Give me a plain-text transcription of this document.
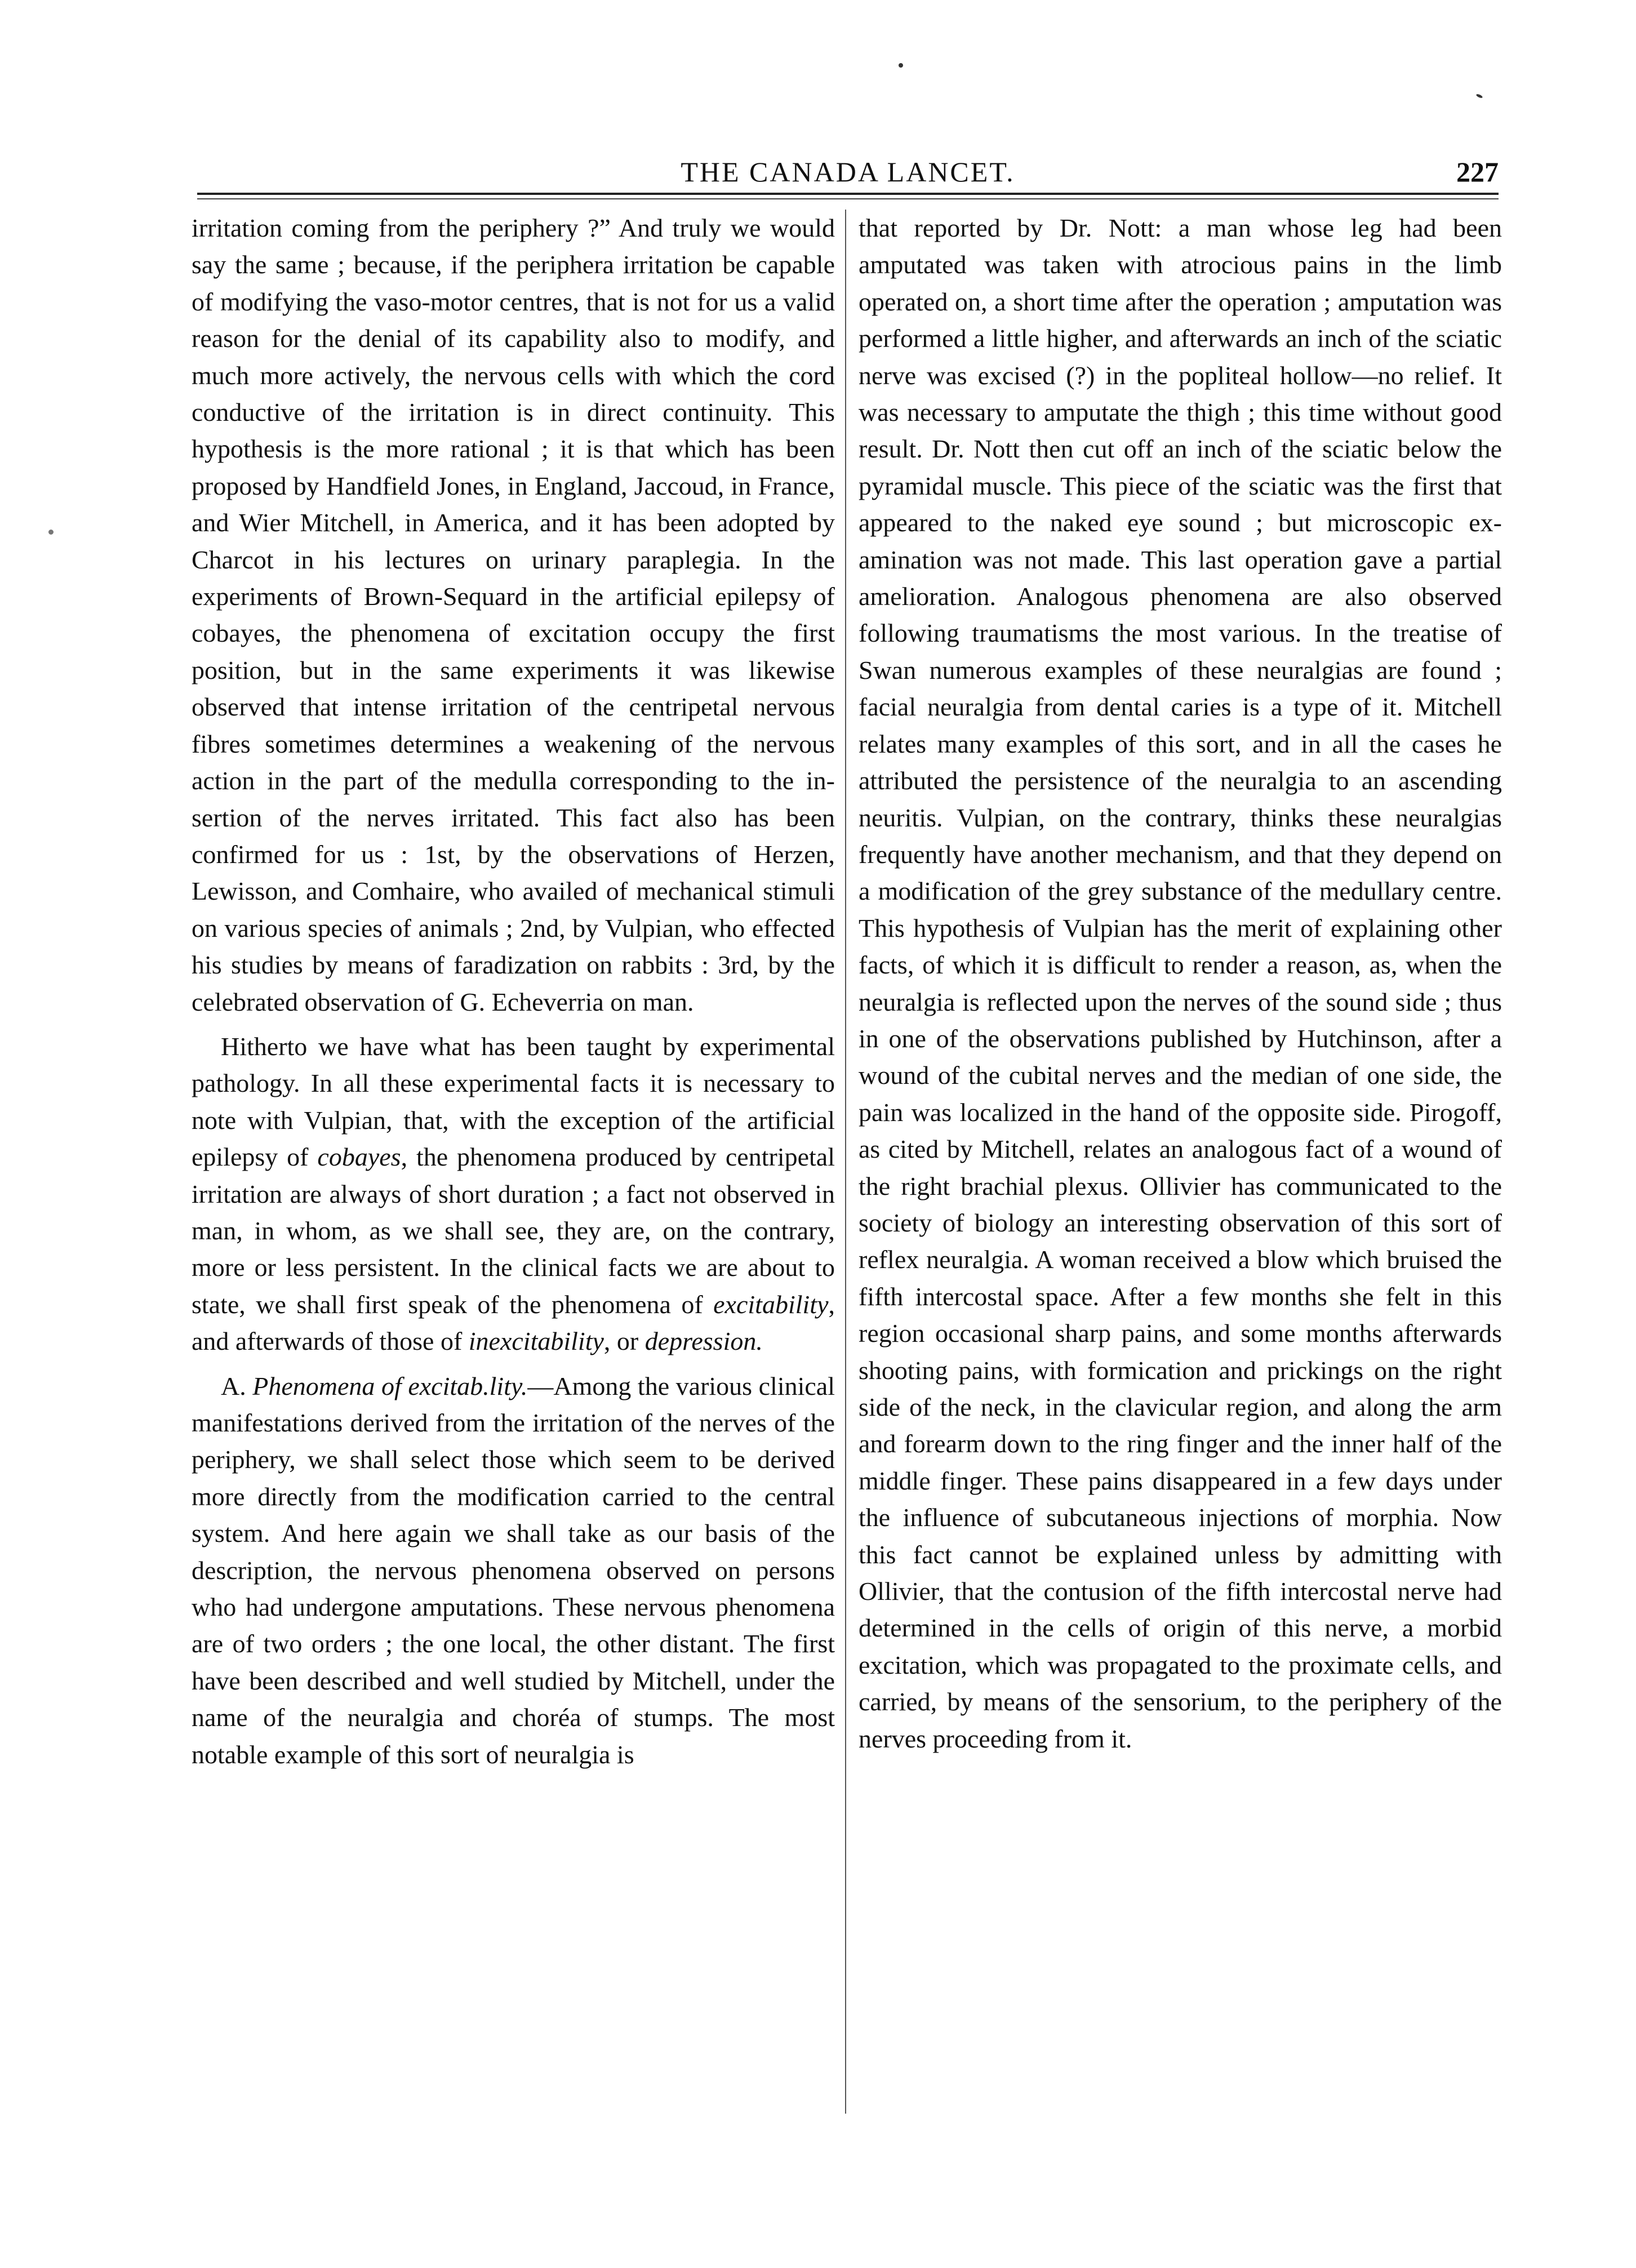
THE CANADA LANCET.	227

irritation coming from the periphery ?” And truly we would say the same ; because, if the periphera irritation be capable of modifying the vaso-motor centres, that is not for us a valid reason for the denial of its capability also to modify, and much more actively, the nervous cells with which the cord conductive of the irritation is in direct continuity. This hypothesis is the more rational ; it is that which has been proposed by Handfield Jones, in England, Jaccoud, in France, and Wier Mitchell, in America, and it has been adopted by Charcot in his lectures on urinary paraplegia. In the experiments of Brown-Sequard in the artificial epilepsy of cobayes, the phenomena of excitation occupy the first position, but in the same experiments it was likewise observed that intense irritation of the centripetal nervous fibres sometimes determines a weakening of the nervous action in the part of the medulla corresponding to the insertion of the nerves irritated. This fact also has been confirmed for us : 1st, by the observations of Herzen, Lewisson, and Comhaire, who availed of mechanical stimuli on various species of animals ; 2nd, by Vulpian, who effected his studies by means of faradization on rabbits : 3rd, by the celebrated observation of G. Echeverria on man.

Hitherto we have what has been taught by experimental pathology. In all these experimental facts it is necessary to note with Vulpian, that, with the exception of the artificial epilepsy of cobayes, the phenomena produced by centripetal irritation are always of short duration ; a fact not observed in man, in whom, as we shall see, they are, on the contrary, more or less persistent. In the clinical facts we are about to state, we shall first speak of the phenomena of excitability, and afterwards of those of inexcitability, or depression.

A. Phenomena of excitab.lity.—Among the various clinical manifestations derived from the irritation of the nerves of the periphery, we shall select those which seem to be derived more directly from the modification carried to the central system. And here again we shall take as our basis of the description, the nervous phenomena observed on persons who had undergone amputations. These nervous phenomena are of two orders ; the one local, the other distant. The first have been described and well studied by Mitchell, under the name of the neuralgia and choréa of stumps. The most notable example of this sort of neuralgia is

that reported by Dr. Nott: a man whose leg had been amputated was taken with atrocious pains in the limb operated on, a short time after the operation ; amputation was performed a little higher, and afterwards an inch of the sciatic nerve was excised (?) in the popliteal hollow—no relief. It was necessary to amputate the thigh ; this time without good result. Dr. Nott then cut off an inch of the sciatic below the pyramidal muscle. This piece of the sciatic was the first that appeared to the naked eye sound ; but microscopic examination was not made. This last operation gave a partial amelioration. Analogous phenomena are also observed following traumatisms the most various. In the treatise of Swan numerous examples of these neuralgias are found ; facial neuralgia from dental caries is a type of it. Mitchell relates many examples of this sort, and in all the cases he attributed the persistence of the neuralgia to an ascending neuritis. Vulpian, on the contrary, thinks these neuralgias frequently have another mechanism, and that they depend on a modification of the grey substance of the medullary centre. This hypothesis of Vulpian has the merit of explaining other facts, of which it is difficult to render a reason, as, when the neuralgia is reflected upon the nerves of the sound side ; thus in one of the observations published by Hutchinson, after a wound of the cubital nerves and the median of one side, the pain was localized in the hand of the opposite side. Pirogoff, as cited by Mitchell, relates an analogous fact of a wound of the right brachial plexus. Ollivier has communicated to the society of biology an interesting observation of this sort of reflex neuralgia. A woman received a blow which bruised the fifth intercostal space. After a few months she felt in this region occasional sharp pains, and some months afterwards shooting pains, with formication and prickings on the right side of the neck, in the clavicular region, and along the arm and forearm down to the ring finger and the inner half of the middle finger. These pains disappeared in a few days under the influence of subcutaneous injections of morphia. Now this fact cannot be explained unless by admitting with Ollivier, that the contusion of the fifth intercostal nerve had determined in the cells of origin of this nerve, a morbid excitation, which was propagated to the proximate cells, and carried, by means of the sensorium, to the periphery of the nerves proceeding from it.
